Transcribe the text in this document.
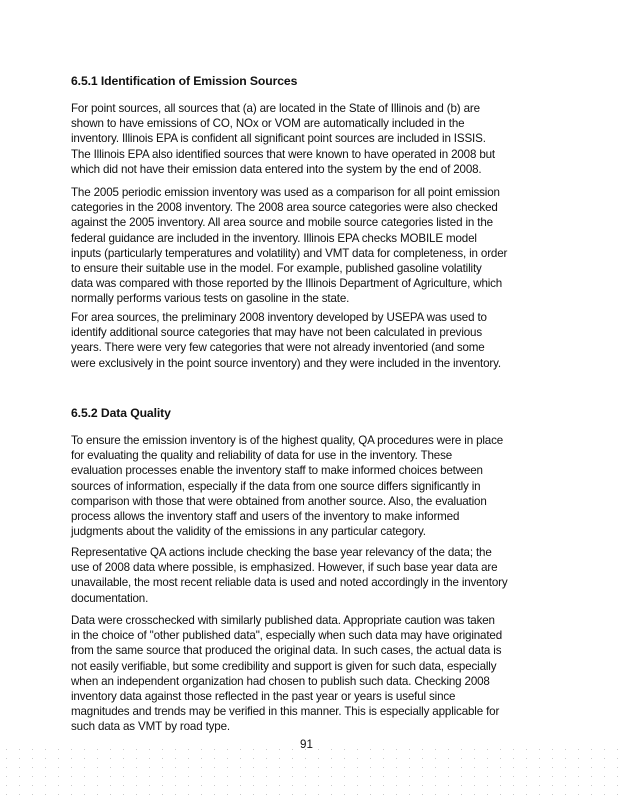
6.5.1 Identification of Emission Sources
For point sources, all sources that (a) are located in the State of Illinois and (b) are
shown to have emissions of CO, NOx or VOM are automatically included in the
inventory. Illinois EPA is confident all significant point sources are included in ISSIS.
The Illinois EPA also identified sources that were known to have operated in 2008 but
which did not have their emission data entered into the system by the end of 2008.
The 2005 periodic emission inventory was used as a comparison for all point emission
categories in the 2008 inventory. The 2008 area source categories were also checked
against the 2005 inventory. All area source and mobile source categories listed in the
federal guidance are included in the inventory. Illinois EPA checks MOBILE model
inputs (particularly temperatures and volatility) and VMT data for completeness, in order
to ensure their suitable use in the model. For example, published gasoline volatility
data was compared with those reported by the Illinois Department of Agriculture, which
normally performs various tests on gasoline in the state.
For area sources, the preliminary 2008 inventory developed by USEPA was used to
identify additional source categories that may have not been calculated in previous
years. There were very few categories that were not already inventoried (and some
were exclusively in the point source inventory) and they were included in the inventory.
6.5.2 Data Quality
To ensure the emission inventory is of the highest quality, QA procedures were in place
for evaluating the quality and reliability of data for use in the inventory. These
evaluation processes enable the inventory staff to make informed choices between
sources of information, especially if the data from one source differs significantly in
comparison with those that were obtained from another source. Also, the evaluation
process allows the inventory staff and users of the inventory to make informed
judgments about the validity of the emissions in any particular category.
Representative QA actions include checking the base year relevancy of the data; the
use of 2008 data where possible, is emphasized. However, if such base year data are
unavailable, the most recent reliable data is used and noted accordingly in the inventory
documentation.
Data were crosschecked with similarly published data. Appropriate caution was taken
in the choice of "other published data", especially when such data may have originated
from the same source that produced the original data. In such cases, the actual data is
not easily verifiable, but some credibility and support is given for such data, especially
when an independent organization had chosen to publish such data. Checking 2008
inventory data against those reflected in the past year or years is useful since
magnitudes and trends may be verified in this manner. This is especially applicable for
such data as VMT by road type.
91
